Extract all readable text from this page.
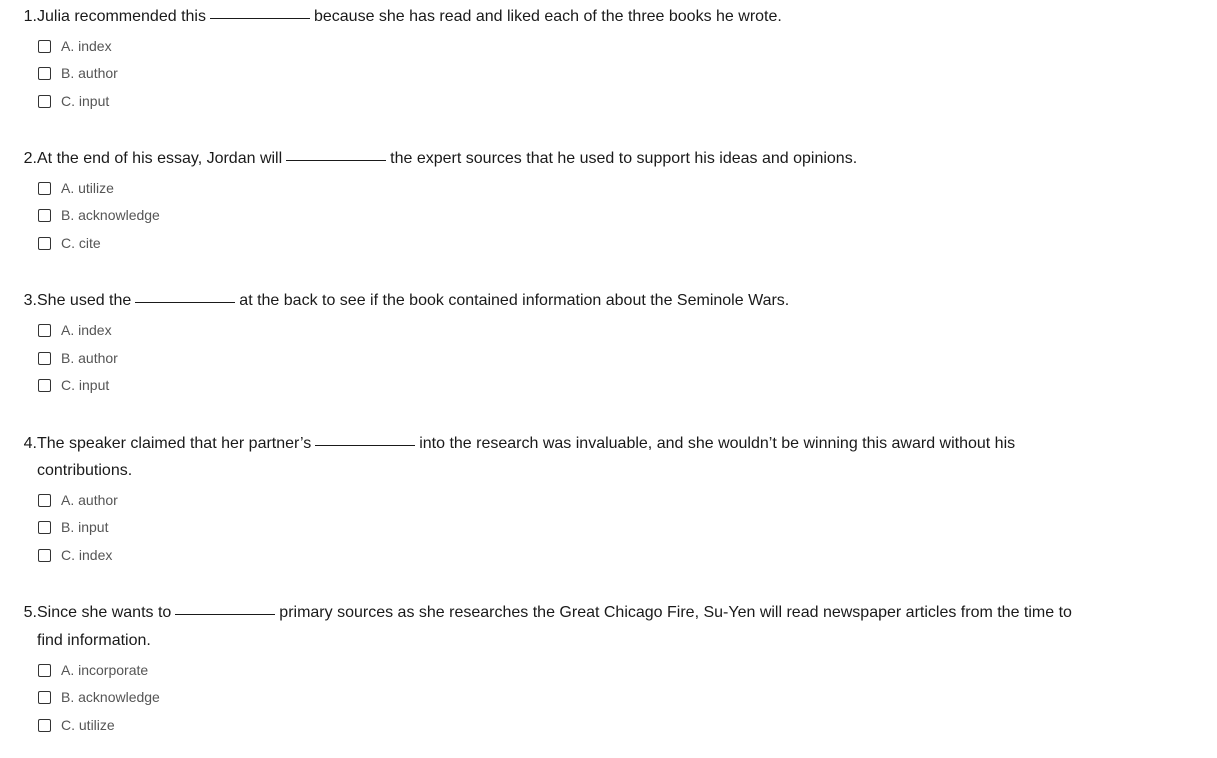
1. Julia recommended this	because she has read and liked each of the three books he wrote.
A. index
B. author
C. input
2. At the end of his essay, Jordan will	the expert sources that he used to support his ideas and opinions.
A. utilize
B. acknowledge
C. cite
3. She used the	at the back to see if the book contained information about the Seminole Wars.
A. index
B. author
C. input
4. The speaker claimed that her partner’s	into the research was invaluable, and she wouldn’t be winning this award without his
contributions.
A. author
B. input
C. index
5. Since she wants to	primary sources as she researches the Great Chicago Fire, Su-Yen will read newspaper articles from the time to
find information.
A. incorporate
B. acknowledge
C. utilize
